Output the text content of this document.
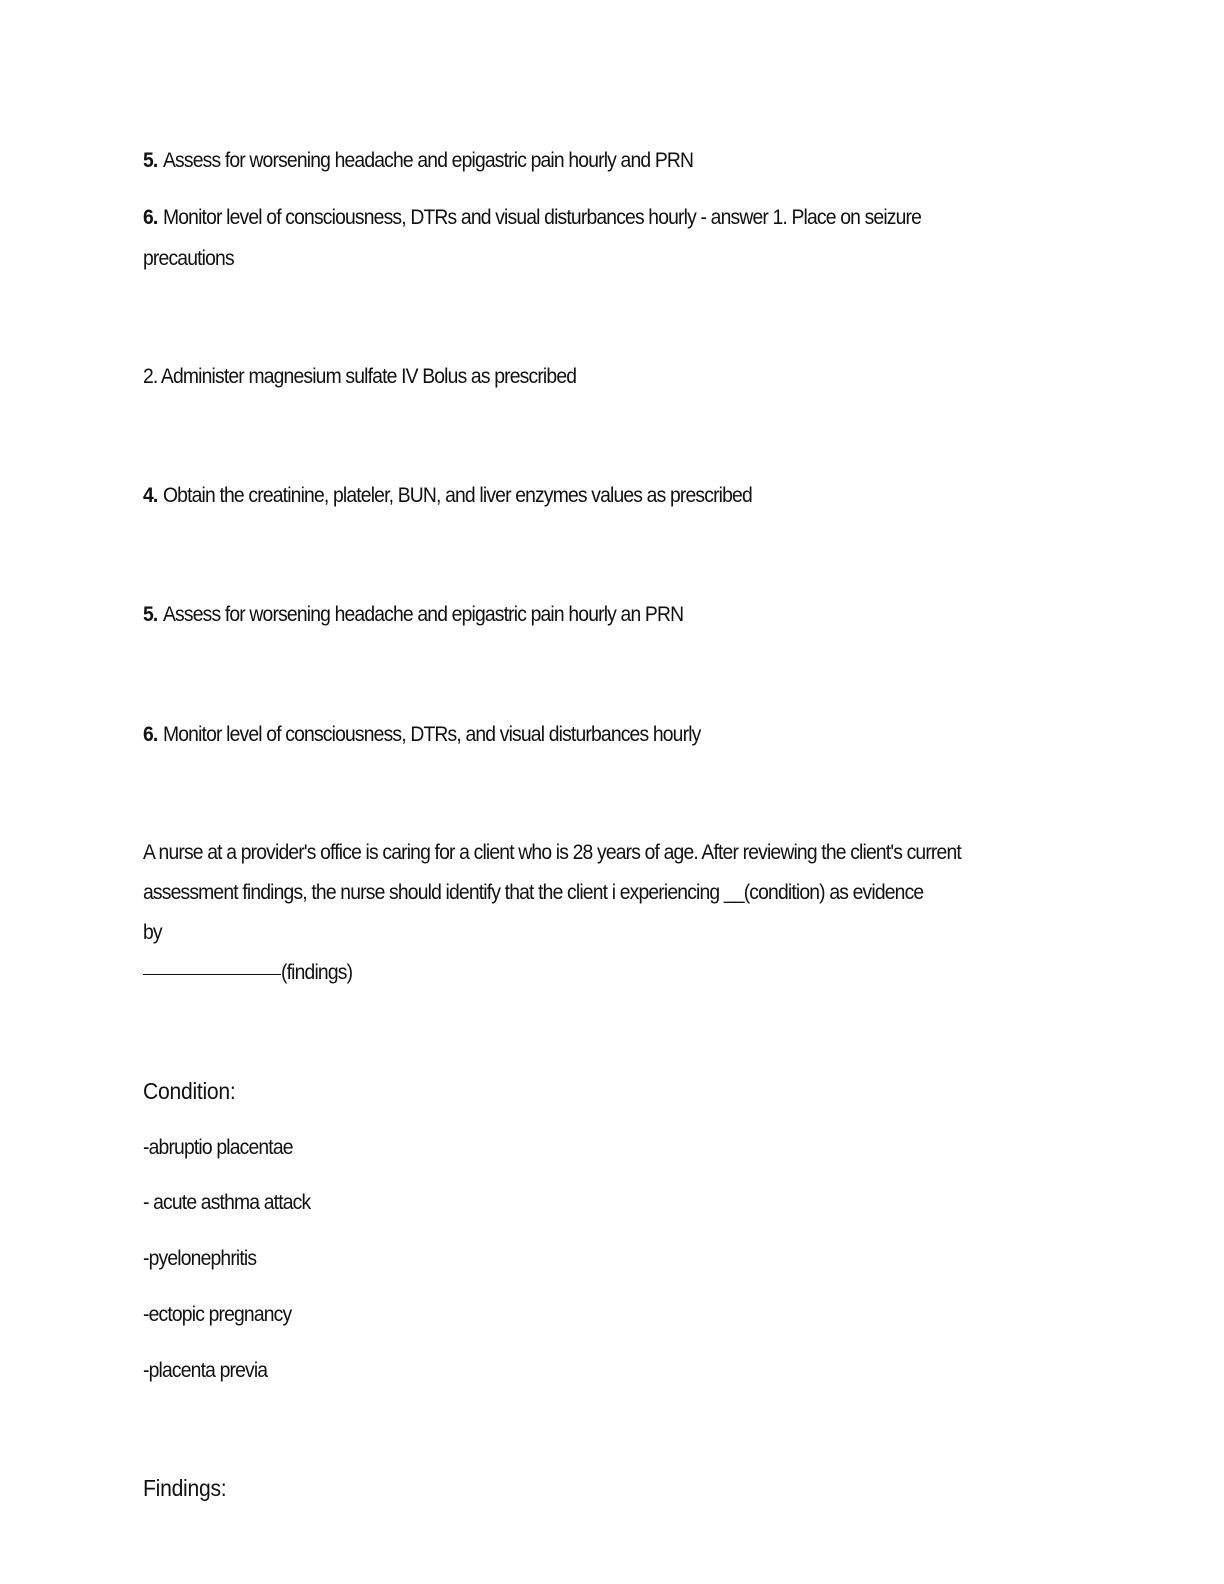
5. Assess for worsening headache and epigastric pain hourly and PRN
6. Monitor level of consciousness, DTRs and visual disturbances hourly - answer 1. Place on seizure
precautions
2. Administer magnesium sulfate IV Bolus as prescribed
4. Obtain the creatinine, plateler, BUN, and liver enzymes values as prescribed
5. Assess for worsening headache and epigastric pain hourly an PRN
6. Monitor level of consciousness, DTRs, and visual disturbances hourly
A nurse at a provider's office is caring for a client who is 28 years of age. After reviewing the client's current
assessment findings, the nurse should identify that the client i experiencing __(condition) as evidence
by
(findings)
Condition:
-abruptio placentae
- acute asthma attack
-pyelonephritis
-ectopic pregnancy
-placenta previa
Findings:
